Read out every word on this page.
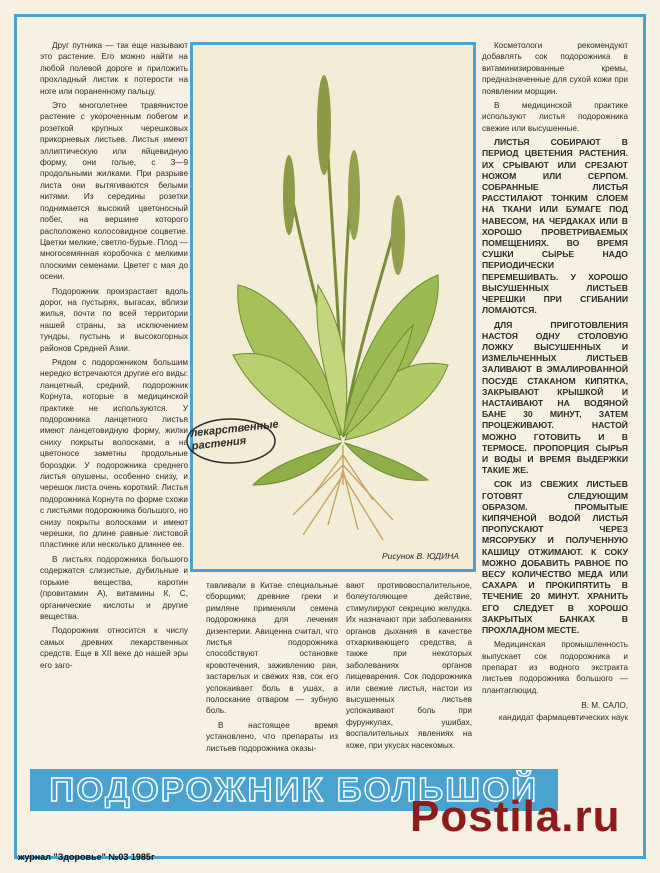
Друг путника — так еще называют это растение. Его можно найти на любой полевой дороге и приложить прохладный листик к потерости на ноге или пораненному пальцу.

Это многолетнее травянистое растение с укороченным побегом и розеткой крупных черешковых прикорневых листьев. Листья имеют эллиптическую или яйцевидную форму, они голые, с 3—9 продольными жилками. При разрыве листа они вытягиваются белыми нитями. Из середины розетки поднимается высокий цветоносный побег, на вершине которого расположено колосовидное соцветие. Цветки мелкие, светло-бурые. Плод — многосемянная коробочка с мелкими плоскими семенами. Цветет с мая до осени.

Подорожник произрастает вдоль дорог, на пустырях, выгасах, вблизи жилья, почти по всей территории нашей страны, за исключением тундры, пустынь и высокогорных районов Средней Азии.

Рядом с подорожником большим нередко встречаются другие его виды: ланцетный, средний, подорожник Корнута, которые в медицинской практике не используются. У подорожника ланцетного листья имеют ланцетовидную форму, жилки сниху покрыты волосками, а на цветоносе заметны продольные бороздки. У подорожника среднего листья опушены, особенно снизу, и черешок листа очень короткий. Листья подорожника Корнута по форме схожи с листьями подорожника большого, но снизу покрыты волосками и имеют черешки, по длине равные листовой пластинке или несколько длиннее ее.

В листьях подорожника большого содержатся слизистые, дубильные и горькие вещества, каротин (провитамин А), витамины К, С, органические кислоты и другие вещества.

Подорожник относится к числу самых древних лекарственных средств. Еще в XII веке до нашей эры его заго-

лекарственные
растения
Рисунок В. ЮДИНА

тавливали в Китае специальные сборщики; древние греки и римляне применяли семена подорожника для лечения дизентерии. Авиценна считал, что листья подорожника способствуют остановке кровотечения, заживлению ран, застарелых и свежих язв, сок его успокаивает боль в ушах, а полоскание отваром — зубную боль.

В настоящее время установлено, что препараты из листьев подорожника оказы-

вают противовоспалительное, болеутоляющее действие, стимулируют секрецию желудка. Их назначают при заболеваниях органов дыхания в качестве отхаркивающего средства, а также при некоторых заболеваниях органов пищеварения. Сок подорожника или свежие листья, настои из высушенных листьев успокаивают боль при фурункулах, ушибах, воспалительных явлениях на коже, при укусах насекомых.

Косметологи рекомендуют добавлять сок подорожника в витаминизированные кремы, предназначенные для сухой кожи при появлении морщин.

В медицинской практике используют листья подорожника свежие или высушенные.

ЛИСТЬЯ СОБИРАЮТ В ПЕРИОД ЦВЕТЕНИЯ РАСТЕНИЯ. ИХ СРЫВАЮТ ИЛИ СРЕЗАЮТ НОЖОМ ИЛИ СЕРПОМ. СОБРАННЫЕ ЛИСТЬЯ РАССТИЛАЮТ ТОНКИМ СЛОЕМ НА ТКАНИ ИЛИ БУМАГЕ ПОД НАВЕСОМ, НА ЧЕРДАКАХ ИЛИ В ХОРОШО ПРОВЕТРИВАЕМЫХ ПОМЕЩЕНИЯХ. ВО ВРЕМЯ СУШКИ СЫРЬЕ НАДО ПЕРИОДИЧЕСКИ ПЕРЕМЕШИВАТЬ. У ХОРОШО ВЫСУШЕННЫХ ЛИСТЬЕВ ЧЕРЕШКИ ПРИ СГИБАНИИ ЛОМАЮТСЯ.

ДЛЯ ПРИГОТОВЛЕНИЯ НАСТОЯ ОДНУ СТОЛОВУЮ ЛОЖКУ ВЫСУШЕННЫХ И ИЗМЕЛЬЧЕННЫХ ЛИСТЬЕВ ЗАЛИВАЮТ В ЭМАЛИРОВАННОЙ ПОСУДЕ СТАКАНОМ КИПЯТКА, ЗАКРЫВАЮТ КРЫШКОЙ И НАСТАИВАЮТ НА ВОДЯНОЙ БАНЕ 30 МИНУТ, ЗАТЕМ ПРОЦЕЖИВАЮТ. НАСТОЙ МОЖНО ГОТОВИТЬ И В ТЕРМОСЕ. ПРОПОРЦИЯ СЫРЬЯ И ВОДЫ И ВРЕМЯ ВЫДЕРЖКИ ТАКИЕ ЖЕ.

СОК ИЗ СВЕЖИХ ЛИСТЬЕВ ГОТОВЯТ СЛЕДУЮЩИМ ОБРАЗОМ. ПРОМЫТЫЕ КИПЯЧЕНОЙ ВОДОЙ ЛИСТЬЯ ПРОПУСКАЮТ ЧЕРЕЗ МЯСОРУБКУ И ПОЛУЧЕННУЮ КАШИЦУ ОТЖИМАЮТ. К СОКУ МОЖНО ДОБАВИТЬ РАВНОЕ ПО ВЕСУ КОЛИЧЕСТВО МЕДА ИЛИ САХАРА И ПРОКИПЯТИТЬ В ТЕЧЕНИЕ 20 МИНУТ. ХРАНИТЬ ЕГО СЛЕДУЕТ В ХОРОШО ЗАКРЫТЫХ БАНКАХ В ПРОХЛАДНОМ МЕСТЕ.

Медицинская промышленность выпускает сок подорожника и препарат из водного экстракта листьев подорожника большого — плантаглюцид.

В. М. САЛО,
кандидат фармацевтических наук
ПОДОРОЖНИК БОЛЬШОЙ
Postila.ru
журнал "Здоровье" №03 1985г
